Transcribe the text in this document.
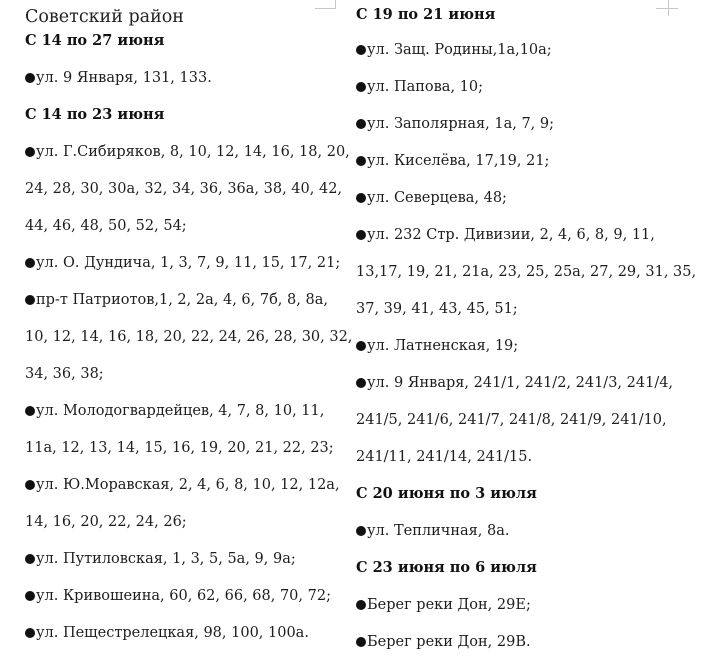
Советский район
С 14 по 27 июня
ул. 9 Января, 131, 133.
С 14 по 23 июня
ул. Г.Сибиряков, 8, 10, 12, 14, 16, 18, 20,
24, 28, 30, 30а, 32, 34, 36, 36а, 38, 40, 42,
44, 46, 48, 50, 52, 54;
ул. О. Дундича, 1, 3, 7, 9, 11, 15, 17, 21;
пр-т Патриотов,1, 2, 2а, 4, 6, 7б, 8, 8а,
10, 12, 14, 16, 18, 20, 22, 24, 26, 28, 30, 32,
34, 36, 38;
ул. Молодогвардейцев, 4, 7, 8, 10, 11,
11а, 12, 13, 14, 15, 16, 19, 20, 21, 22, 23;
ул. Ю.Моравская, 2, 4, 6, 8, 10, 12, 12а,
14, 16, 20, 22, 24, 26;
ул. Путиловская, 1, 3, 5, 5а, 9, 9а;
ул. Кривошеина, 60, 62, 66, 68, 70, 72;
ул. Пещестрелецкая, 98, 100, 100а.
С 19 по 21 июня
ул. Защ. Родины,1а,10а;
ул. Папова, 10;
ул. Заполярная, 1а, 7, 9;
ул. Киселёва, 17,19, 21;
ул. Северцева, 48;
ул. 232 Стр. Дивизии, 2, 4, 6, 8, 9, 11,
13,17, 19, 21, 21а, 23, 25, 25а, 27, 29, 31, 35,
37, 39, 41, 43, 45, 51;
ул. Латненская, 19;
ул. 9 Января, 241/1, 241/2, 241/3, 241/4,
241/5, 241/6, 241/7, 241/8, 241/9, 241/10,
241/11, 241/14, 241/15.
С 20 июня по 3 июля
ул. Тепличная, 8а.
С 23 июня по 6 июля
Берег реки Дон, 29Е;
Берег реки Дон, 29В.
